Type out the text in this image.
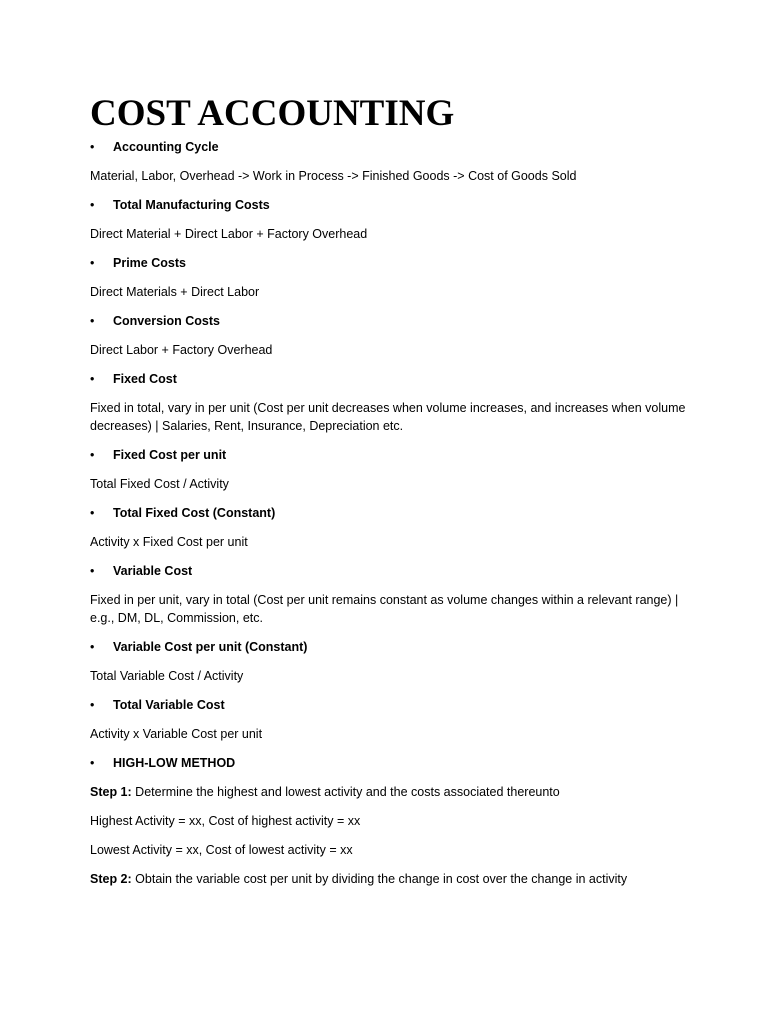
COST ACCOUNTING
•	Accounting Cycle
Material, Labor, Overhead -> Work in Process -> Finished Goods -> Cost of Goods Sold
•	Total Manufacturing Costs
Direct Material + Direct Labor + Factory Overhead
•	Prime Costs
Direct Materials + Direct Labor
•	Conversion Costs
Direct Labor + Factory Overhead
•	Fixed Cost
Fixed in total, vary in per unit (Cost per unit decreases when volume increases, and increases when volume decreases) | Salaries, Rent, Insurance, Depreciation etc.
•	Fixed Cost per unit
Total Fixed Cost / Activity
•	Total Fixed Cost (Constant)
Activity x Fixed Cost per unit
•	Variable Cost
Fixed in per unit, vary in total (Cost per unit remains constant as volume changes within a relevant range) | e.g., DM, DL, Commission, etc.
•	Variable Cost per unit (Constant)
Total Variable Cost / Activity
•	Total Variable Cost
Activity x Variable Cost per unit
•	HIGH-LOW METHOD
Step 1: Determine the highest and lowest activity and the costs associated thereunto
Highest Activity = xx, Cost of highest activity = xx
Lowest Activity = xx, Cost of lowest activity = xx
Step 2: Obtain the variable cost per unit by dividing the change in cost over the change in activity
